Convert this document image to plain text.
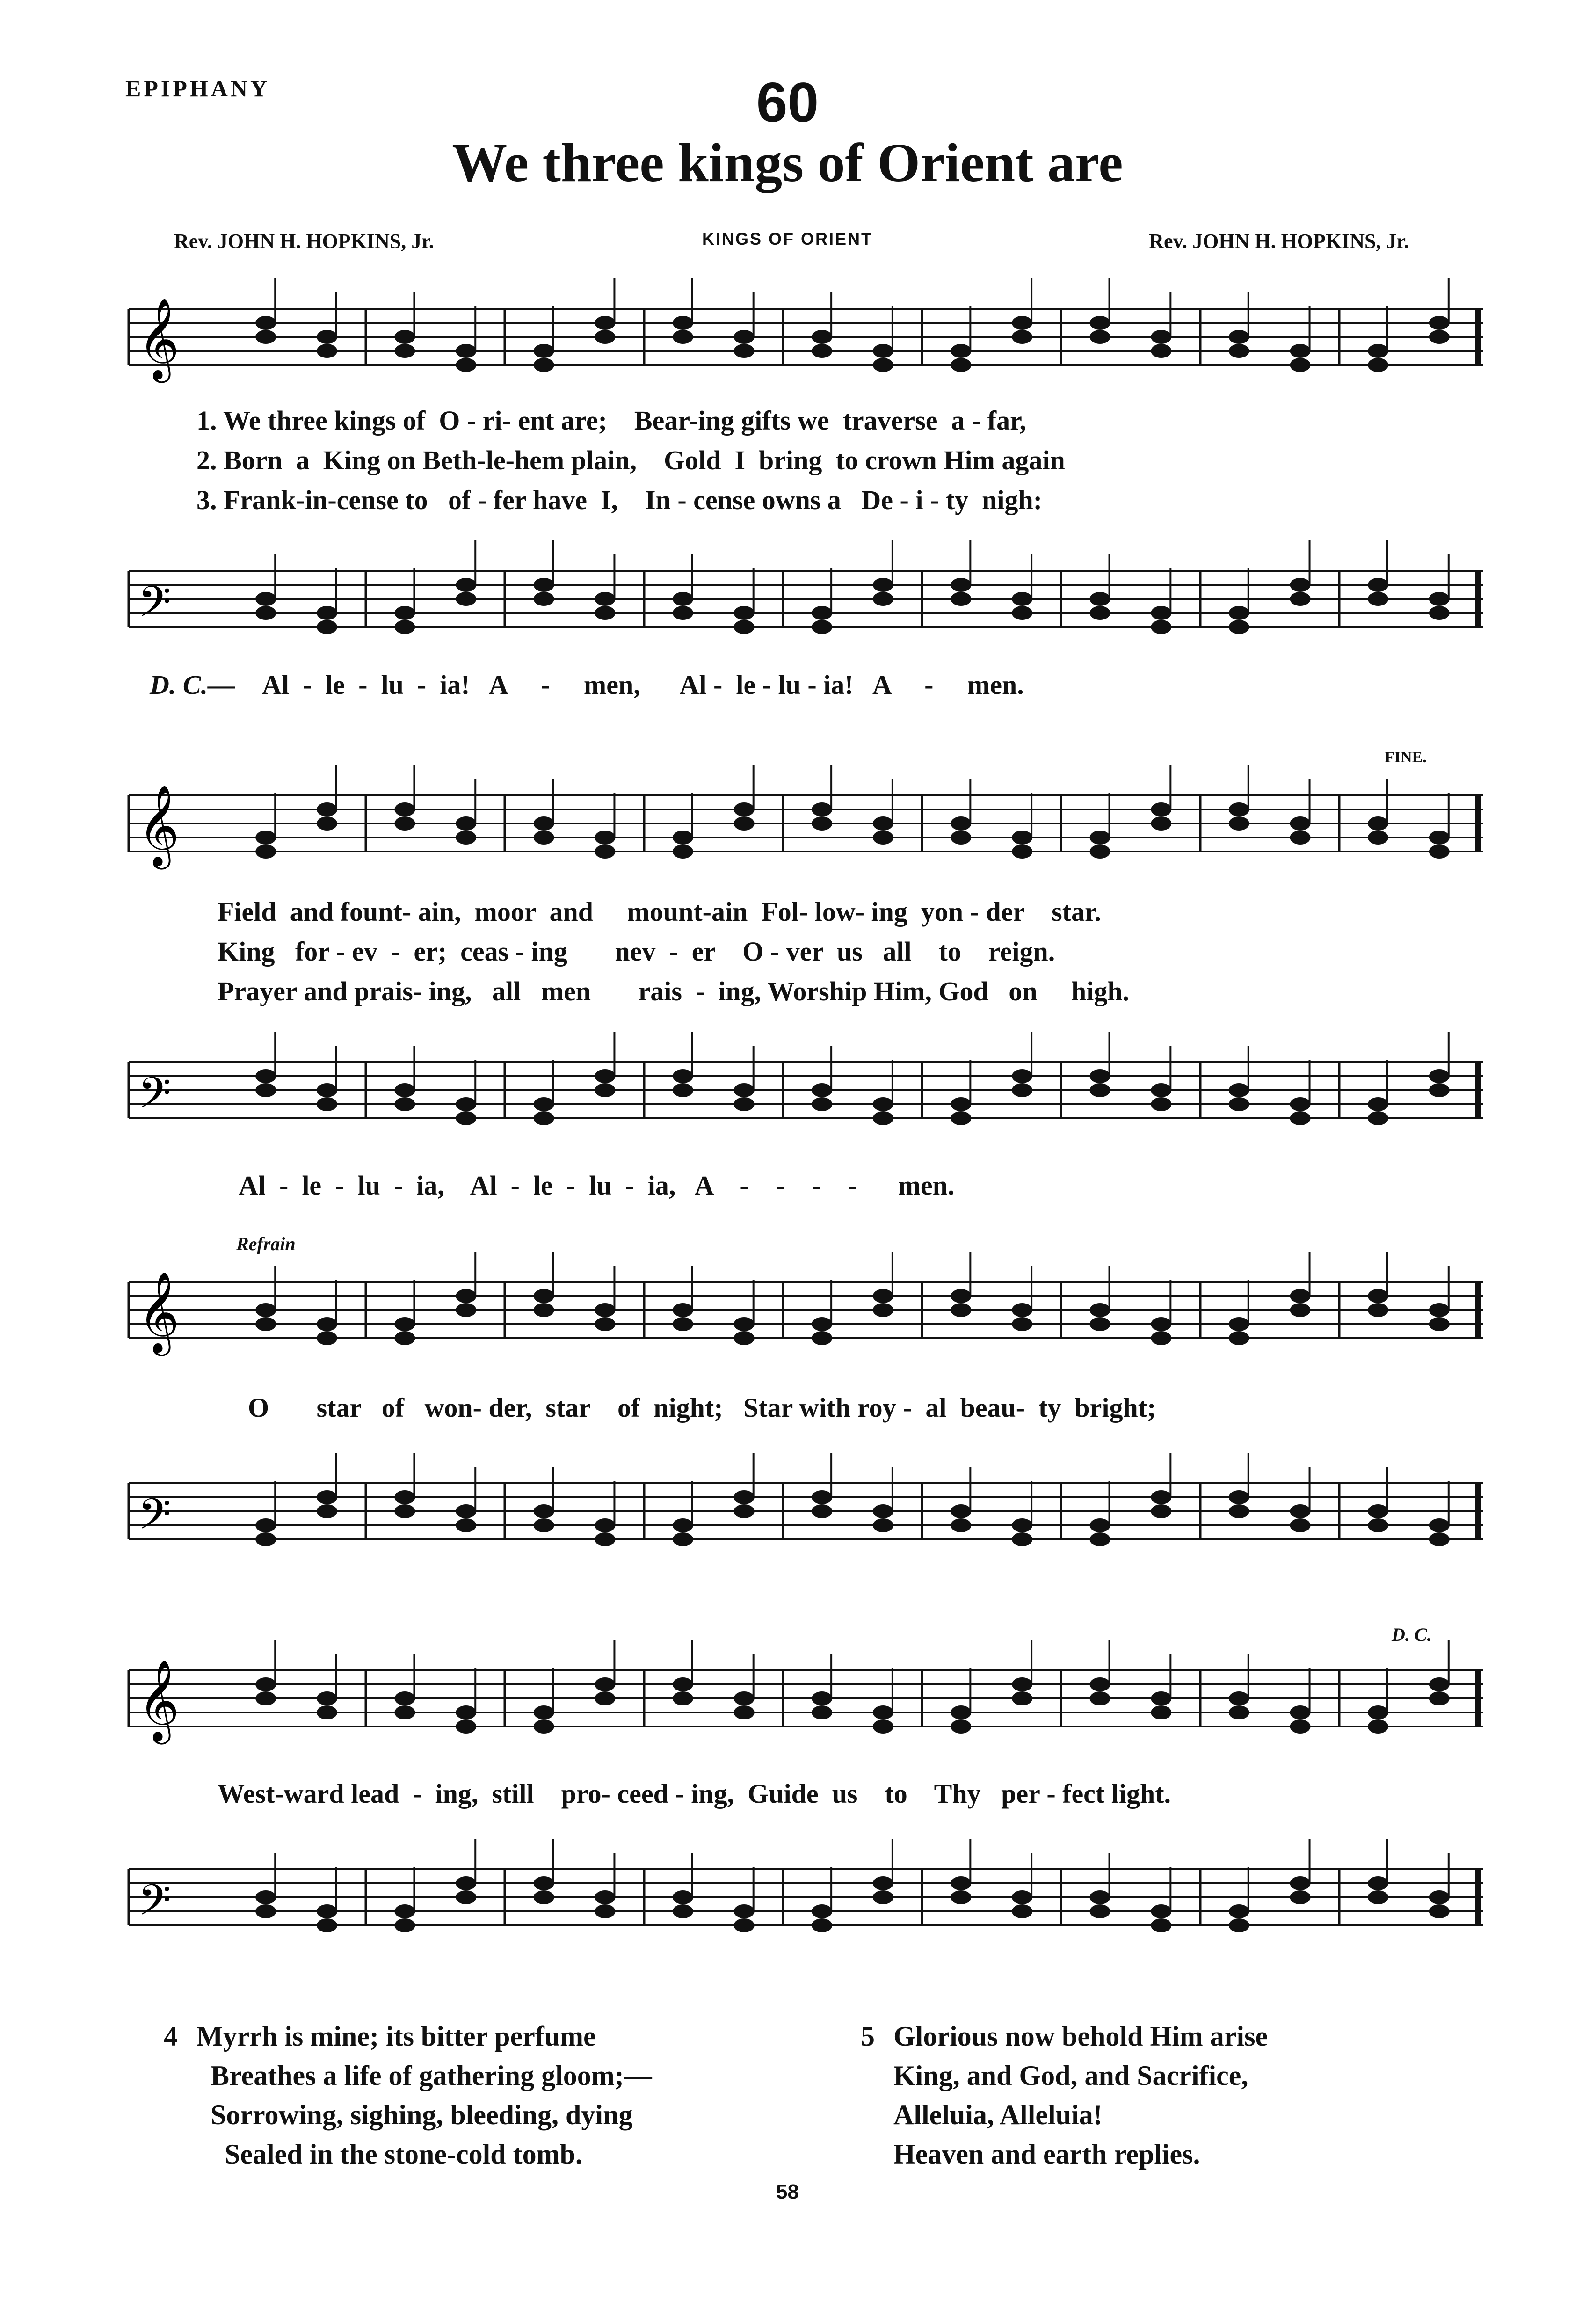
EPIPHANY	60
We three kings of Orient are
Rev. JOHN H. HOPKINS, Jr.	KINGS OF ORIENT	Rev. JOHN H. HOPKINS, Jr.
𝄞
1. We three kings of  O - ri- ent are;    Bear-ing gifts we  traverse  a - far,
2. Born  a  King on Beth-le-hem plain,    Gold  I  bring  to crown Him again
3. Frank-in-cense to   of - fer have  I,    In - cense owns a   De - i - ty  nigh:
𝄢
D. C.— Al  -  le  -  lu  -  ia!   A     -     men,      Al -  le - lu - ia!   A     -     men.
FINE.
𝄞
Field  and fount- ain,  moor  and     mount-ain  Fol- low- ing  yon - der    star.
King   for - ev  -  er;  ceas - ing       nev  -  er    O - ver  us   all    to    reign.
Prayer and prais- ing,   all   men       rais  -  ing, Worship Him, God   on     high.
𝄢
Al  -  le  -  lu  -  ia,    Al  -  le  -  lu  -  ia,   A    -    -    -    -      men.
Refrain
𝄞
O       star   of   won- der,  star    of  night;   Star with roy -  al  beau-  ty  bright;
𝄢
D. C.
𝄞
West-ward lead  -  ing,  still    pro- ceed - ing,  Guide  us    to    Thy   per - fect light.
𝄢
4 Myrrh is mine; its bitter perfume
Breathes a life of gathering gloom;—
Sorrowing, sighing, bleeding, dying
Sealed in the stone-cold tomb.
5 Glorious now behold Him arise
King, and God, and Sacrifice,
Alleluia, Alleluia!
Heaven and earth replies.
58
